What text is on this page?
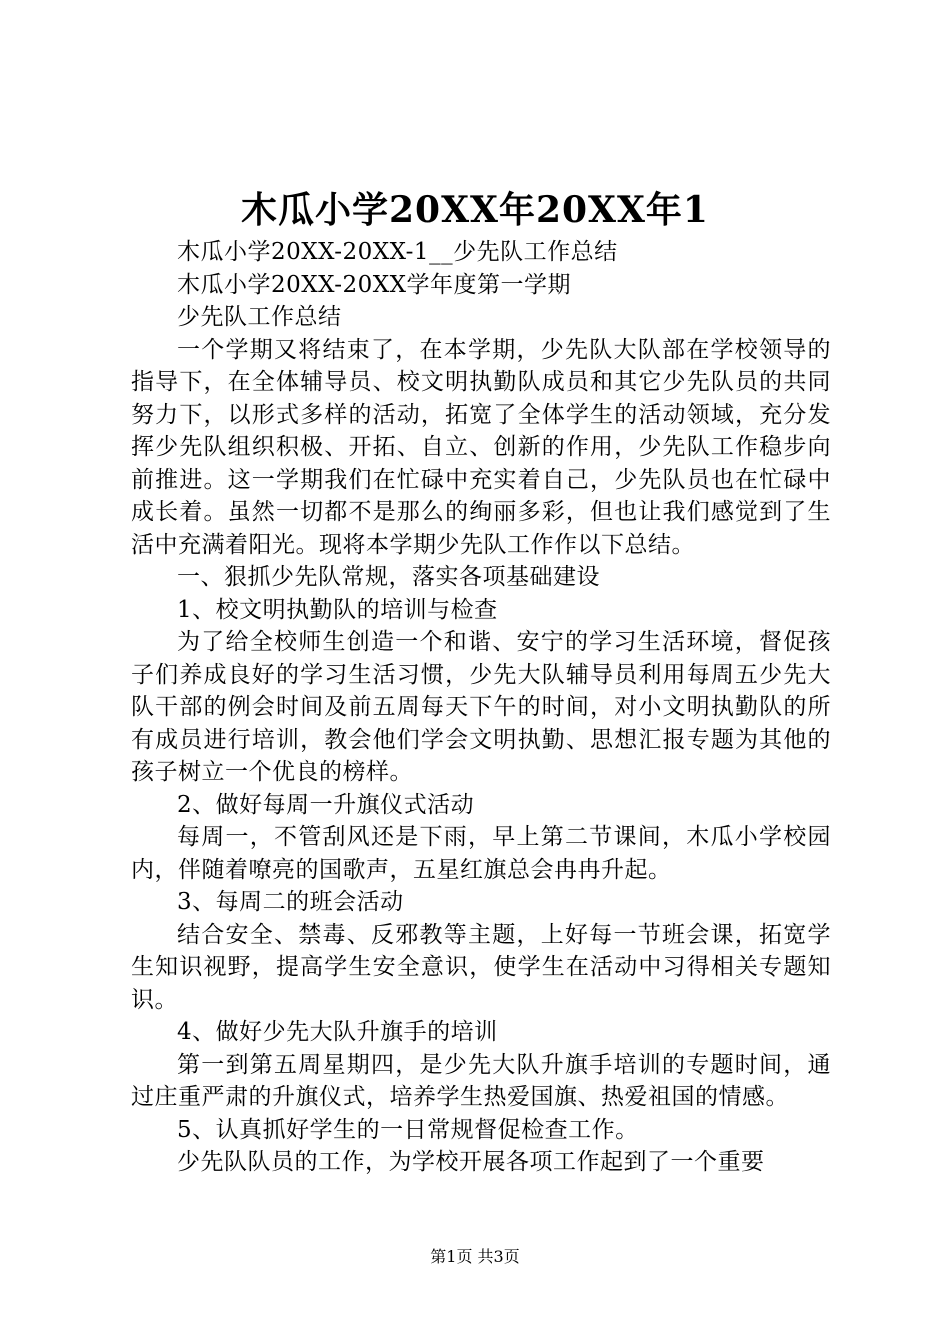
木瓜小学20XX年20XX年1

木瓜小学20XX-20XX-1__少先队工作总结

木瓜小学20XX-20XX学年度第一学期

少先队工作总结

一个学期又将结束了，在本学期，少先队大队部在学校领导的指导下，在全体辅导员、校文明执勤队成员和其它少先队员的共同努力下，以形式多样的活动，拓宽了全体学生的活动领域，充分发挥少先队组织积极、开拓、自立、创新的作用，少先队工作稳步向前推进。这一学期我们在忙碌中充实着自己，少先队员也在忙碌中成长着。虽然一切都不是那么的绚丽多彩，但也让我们感觉到了生活中充满着阳光。现将本学期少先队工作作以下总结。

一、狠抓少先队常规，落实各项基础建设

1、校文明执勤队的培训与检查

为了给全校师生创造一个和谐、安宁的学习生活环境，督促孩子们养成良好的学习生活习惯，少先大队辅导员利用每周五少先大队干部的例会时间及前五周每天下午的时间，对小文明执勤队的所有成员进行培训，教会他们学会文明执勤、思想汇报专题为其他的孩子树立一个优良的榜样。

2、做好每周一升旗仪式活动

每周一，不管刮风还是下雨，早上第二节课间，木瓜小学校园内，伴随着嘹亮的国歌声，五星红旗总会冉冉升起。

3、每周二的班会活动

结合安全、禁毒、反邪教等主题，上好每一节班会课，拓宽学生知识视野，提高学生安全意识，使学生在活动中习得相关专题知识。

4、做好少先大队升旗手的培训

第一到第五周星期四，是少先大队升旗手培训的专题时间，通过庄重严肃的升旗仪式，培养学生热爱国旗、热爱祖国的情感。

5、认真抓好学生的一日常规督促检查工作。

少先队队员的工作，为学校开展各项工作起到了一个重要

第1页 共3页
